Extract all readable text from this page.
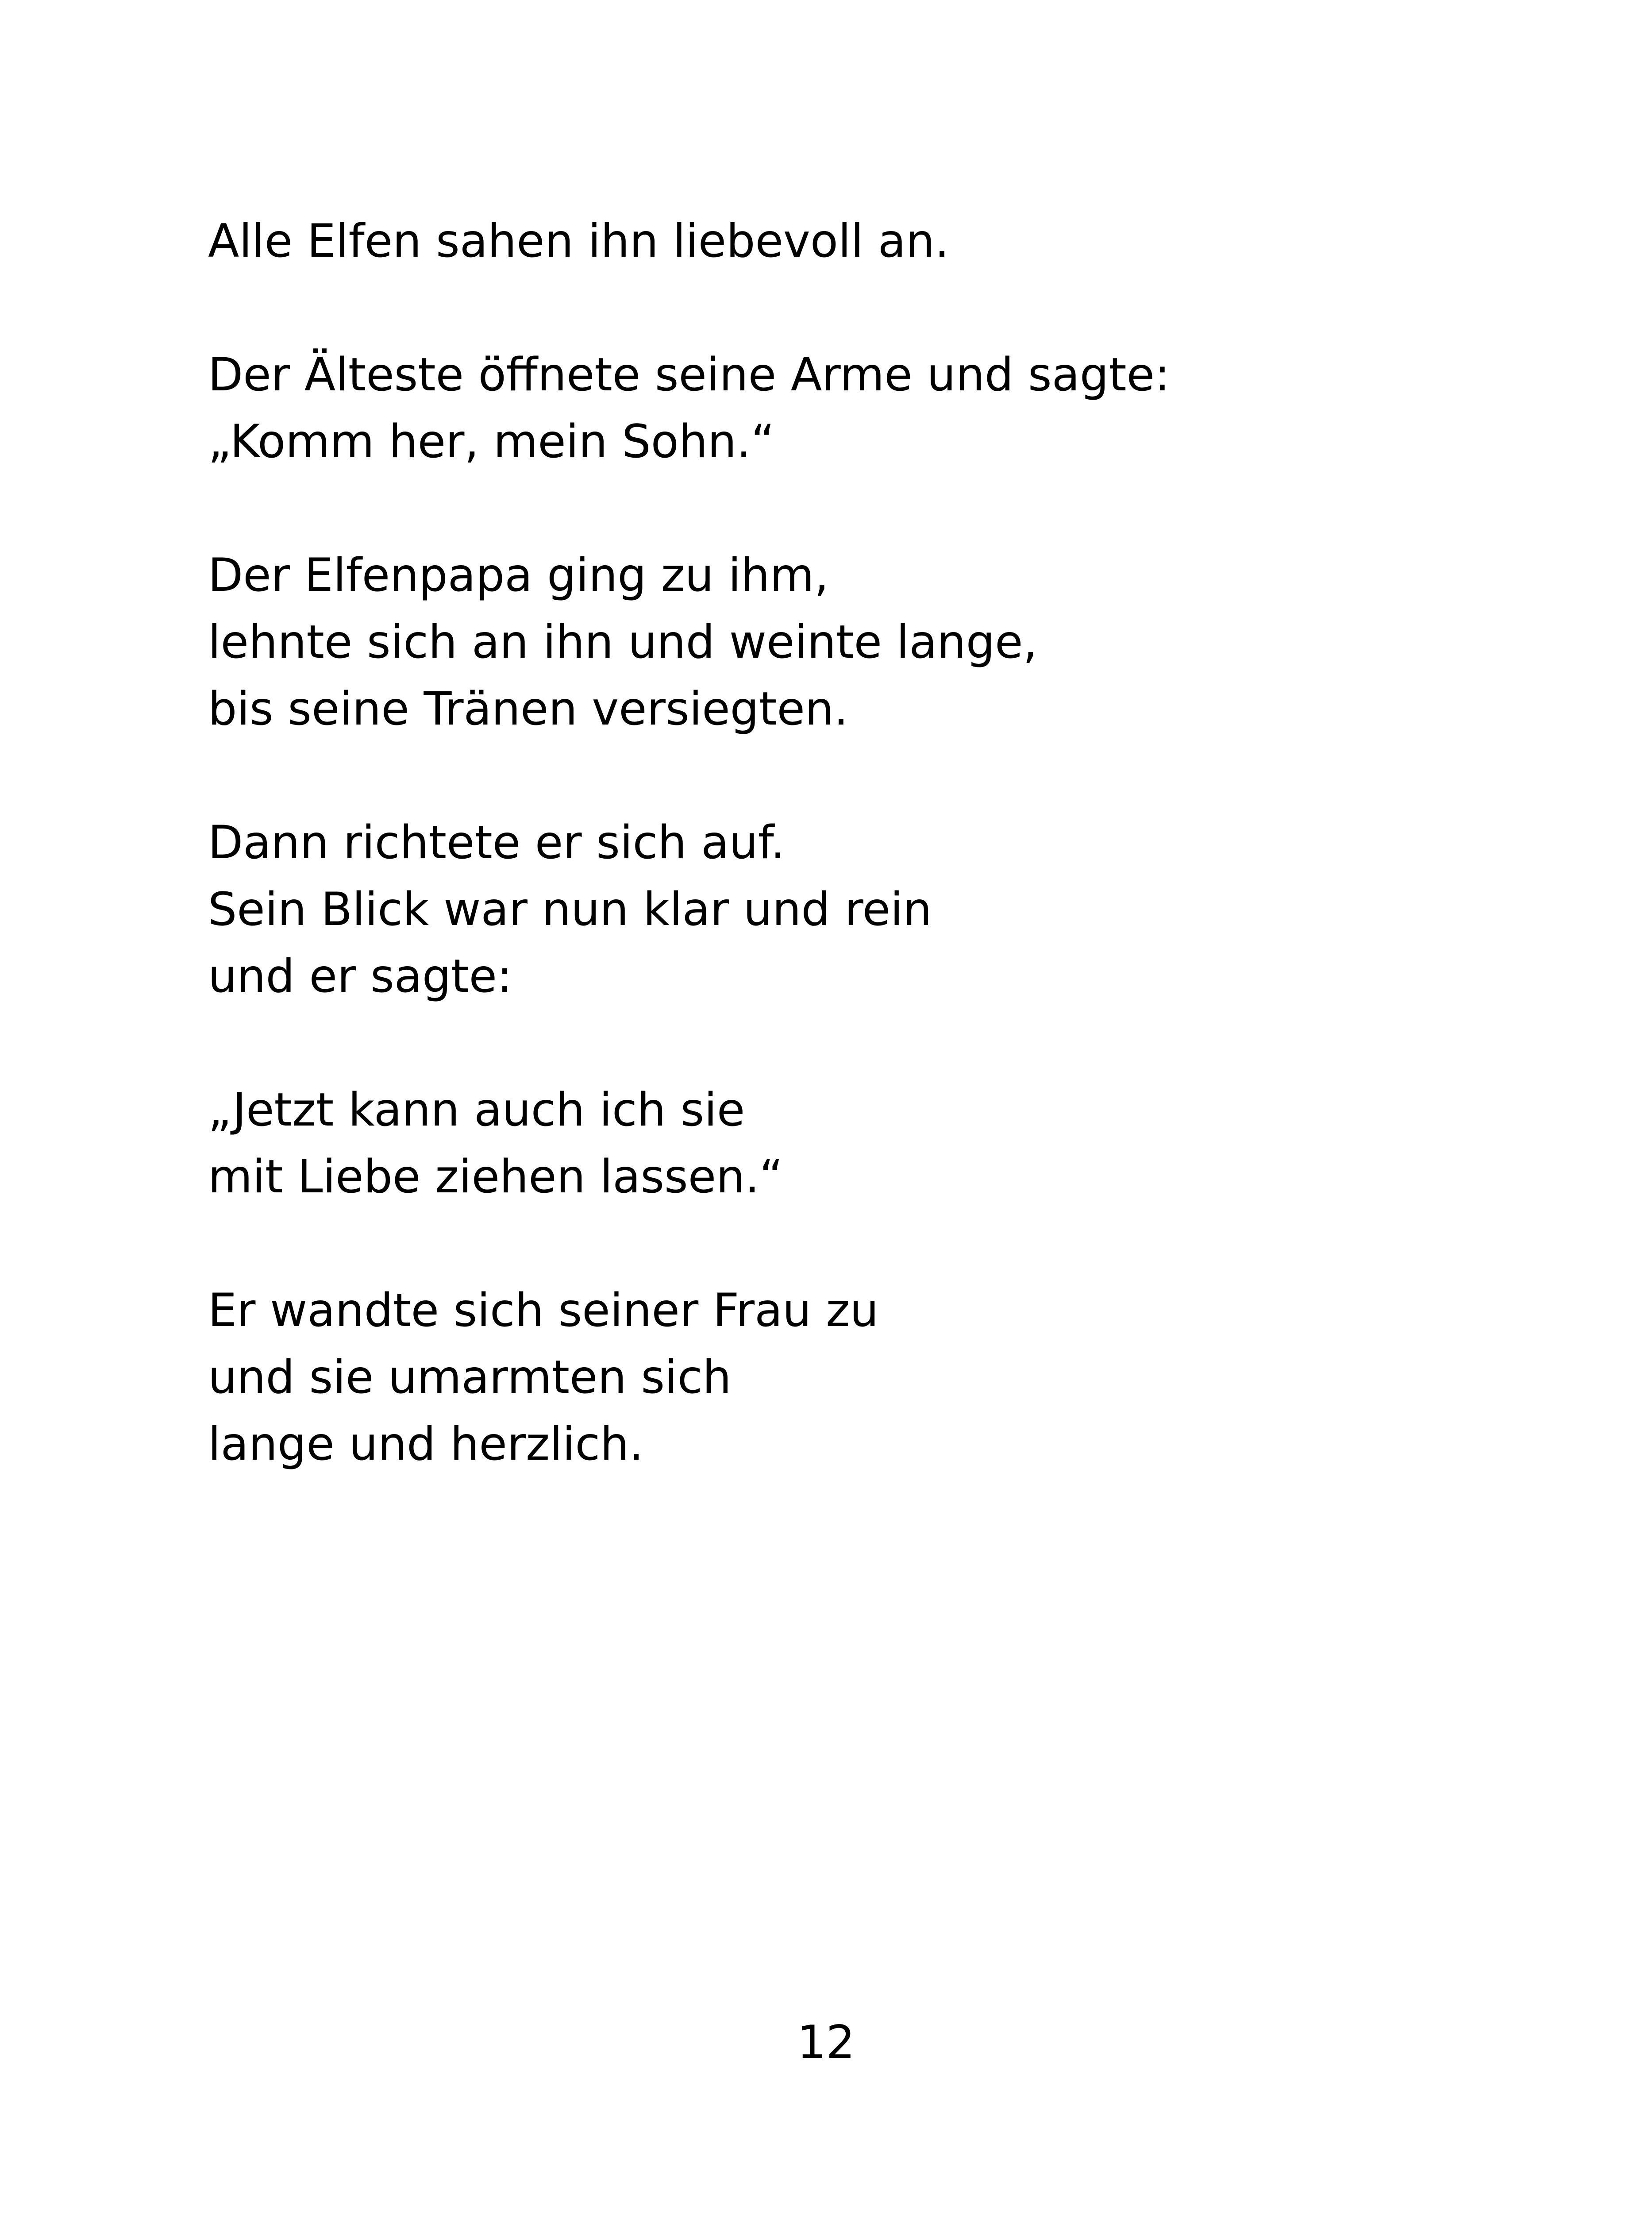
Alle Elfen sahen ihn liebevoll an.
Der Älteste öffnete seine Arme und sagte:
„Komm her, mein Sohn.“
Der Elfenpapa ging zu ihm,
lehnte sich an ihn und weinte lange,
bis seine Tränen versiegten.
Dann richtete er sich auf.
Sein Blick war nun klar und rein
und er sagte:
„Jetzt kann auch ich sie
mit Liebe ziehen lassen.“
Er wandte sich seiner Frau zu
und sie umarmten sich
lange und herzlich.
12
